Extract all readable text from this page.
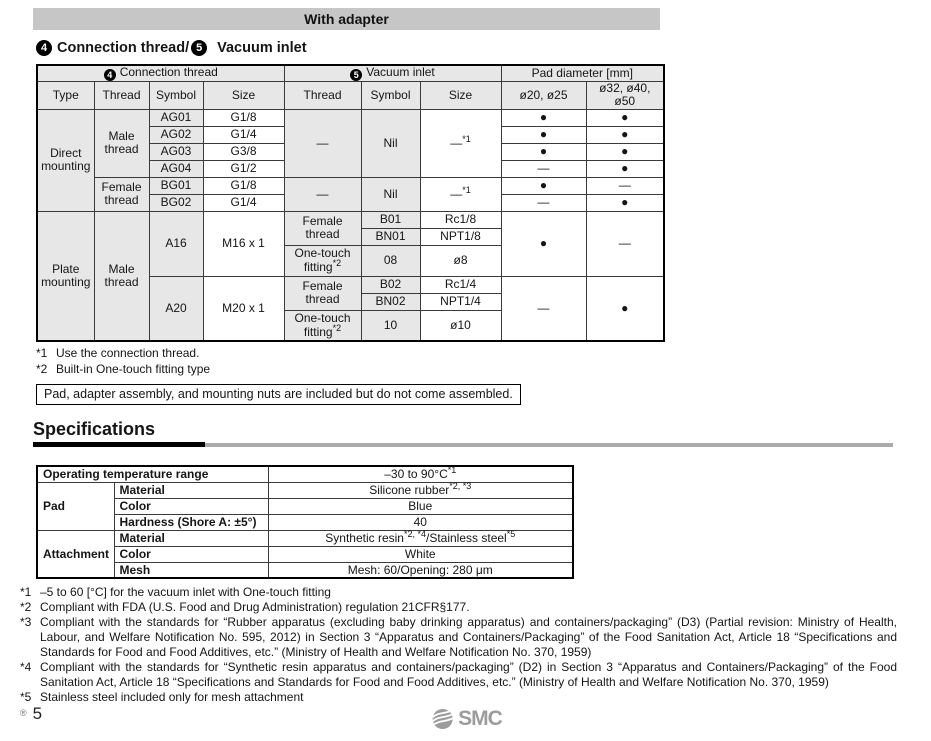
With adapter
4 Connection thread/ 5	Vacuum inlet
4 Connection thread				5 Vacuum inlet			Pad diameter [mm]	
Type	Thread	Symbol	Size	Thread	Symbol	Size	ø20, ø25	ø32, ø40, ø50
Direct mounting	Male thread	AG01	G1/8	—	Nil	—$^{*1}$	●	●
		AG02	G1/4				●	●
		AG03	G3/8				●	●
		AG04	G1/2				—	●
	Female thread	BG01	G1/8	—	Nil	—$^{*1}$	●	—
		BG02	G1/4				—	●
Plate mounting	Male thread	A16	M16 x 1	Female thread	B01	Rc1/8	●	—
					BN01	NPT1/8		
				One-touch fitting$^{*2}$	08	ø8		
		A20	M20 x 1	Female thread	B02	Rc1/4	—	●
					BN02	NPT1/4		
				One-touch fitting$^{*2}$	10	ø10		
*1 Use the connection thread.
*2 Built-in One-touch fitting type
Pad, adapter assembly, and mounting nuts are included but do not come assembled.
Specifications
Operating temperature range		–30 to $90^\circ C^{*1}$
Pad	Material	Silicone rubber$^{*2, *3}$
	Color	Blue
	Hardness (Shore A: ±5°)	40
Attachment	Material	Synthetic resin$^{*2, *4}$/Stainless steel$^{*5}$
	Color	White
	Mesh	Mesh: 60/Opening: 280 μm
*1 –5 to 60 [°C] for the vacuum inlet with One-touch fitting
*2 Compliant with FDA (U.S. Food and Drug Administration) regulation 21CFR§177.
*3 Compliant with the standards for “Rubber apparatus (excluding baby drinking apparatus) and containers/packaging” (D3) (Partial revision: Ministry of Health, Labour, and Welfare Notification No. 595, 2012) in Section 3 “Apparatus and Containers/Packaging” of the Food Sanitation Act, Article 18 “Specifications and Standards for Food and Food Additives, etc.” (Ministry of Health and Welfare Notification No. 370, 1959)
*4 Compliant with the standards for “Synthetic resin apparatus and containers/packaging” (D2) in Section 3 “Apparatus and Containers/Packaging” of the Food Sanitation Act, Article 18 “Specifications and Standards for Food and Food Additives, etc.” (Ministry of Health and Welfare Notification No. 370, 1959)
*5 Stainless steel included only for mesh attachment
® 5	SMC
